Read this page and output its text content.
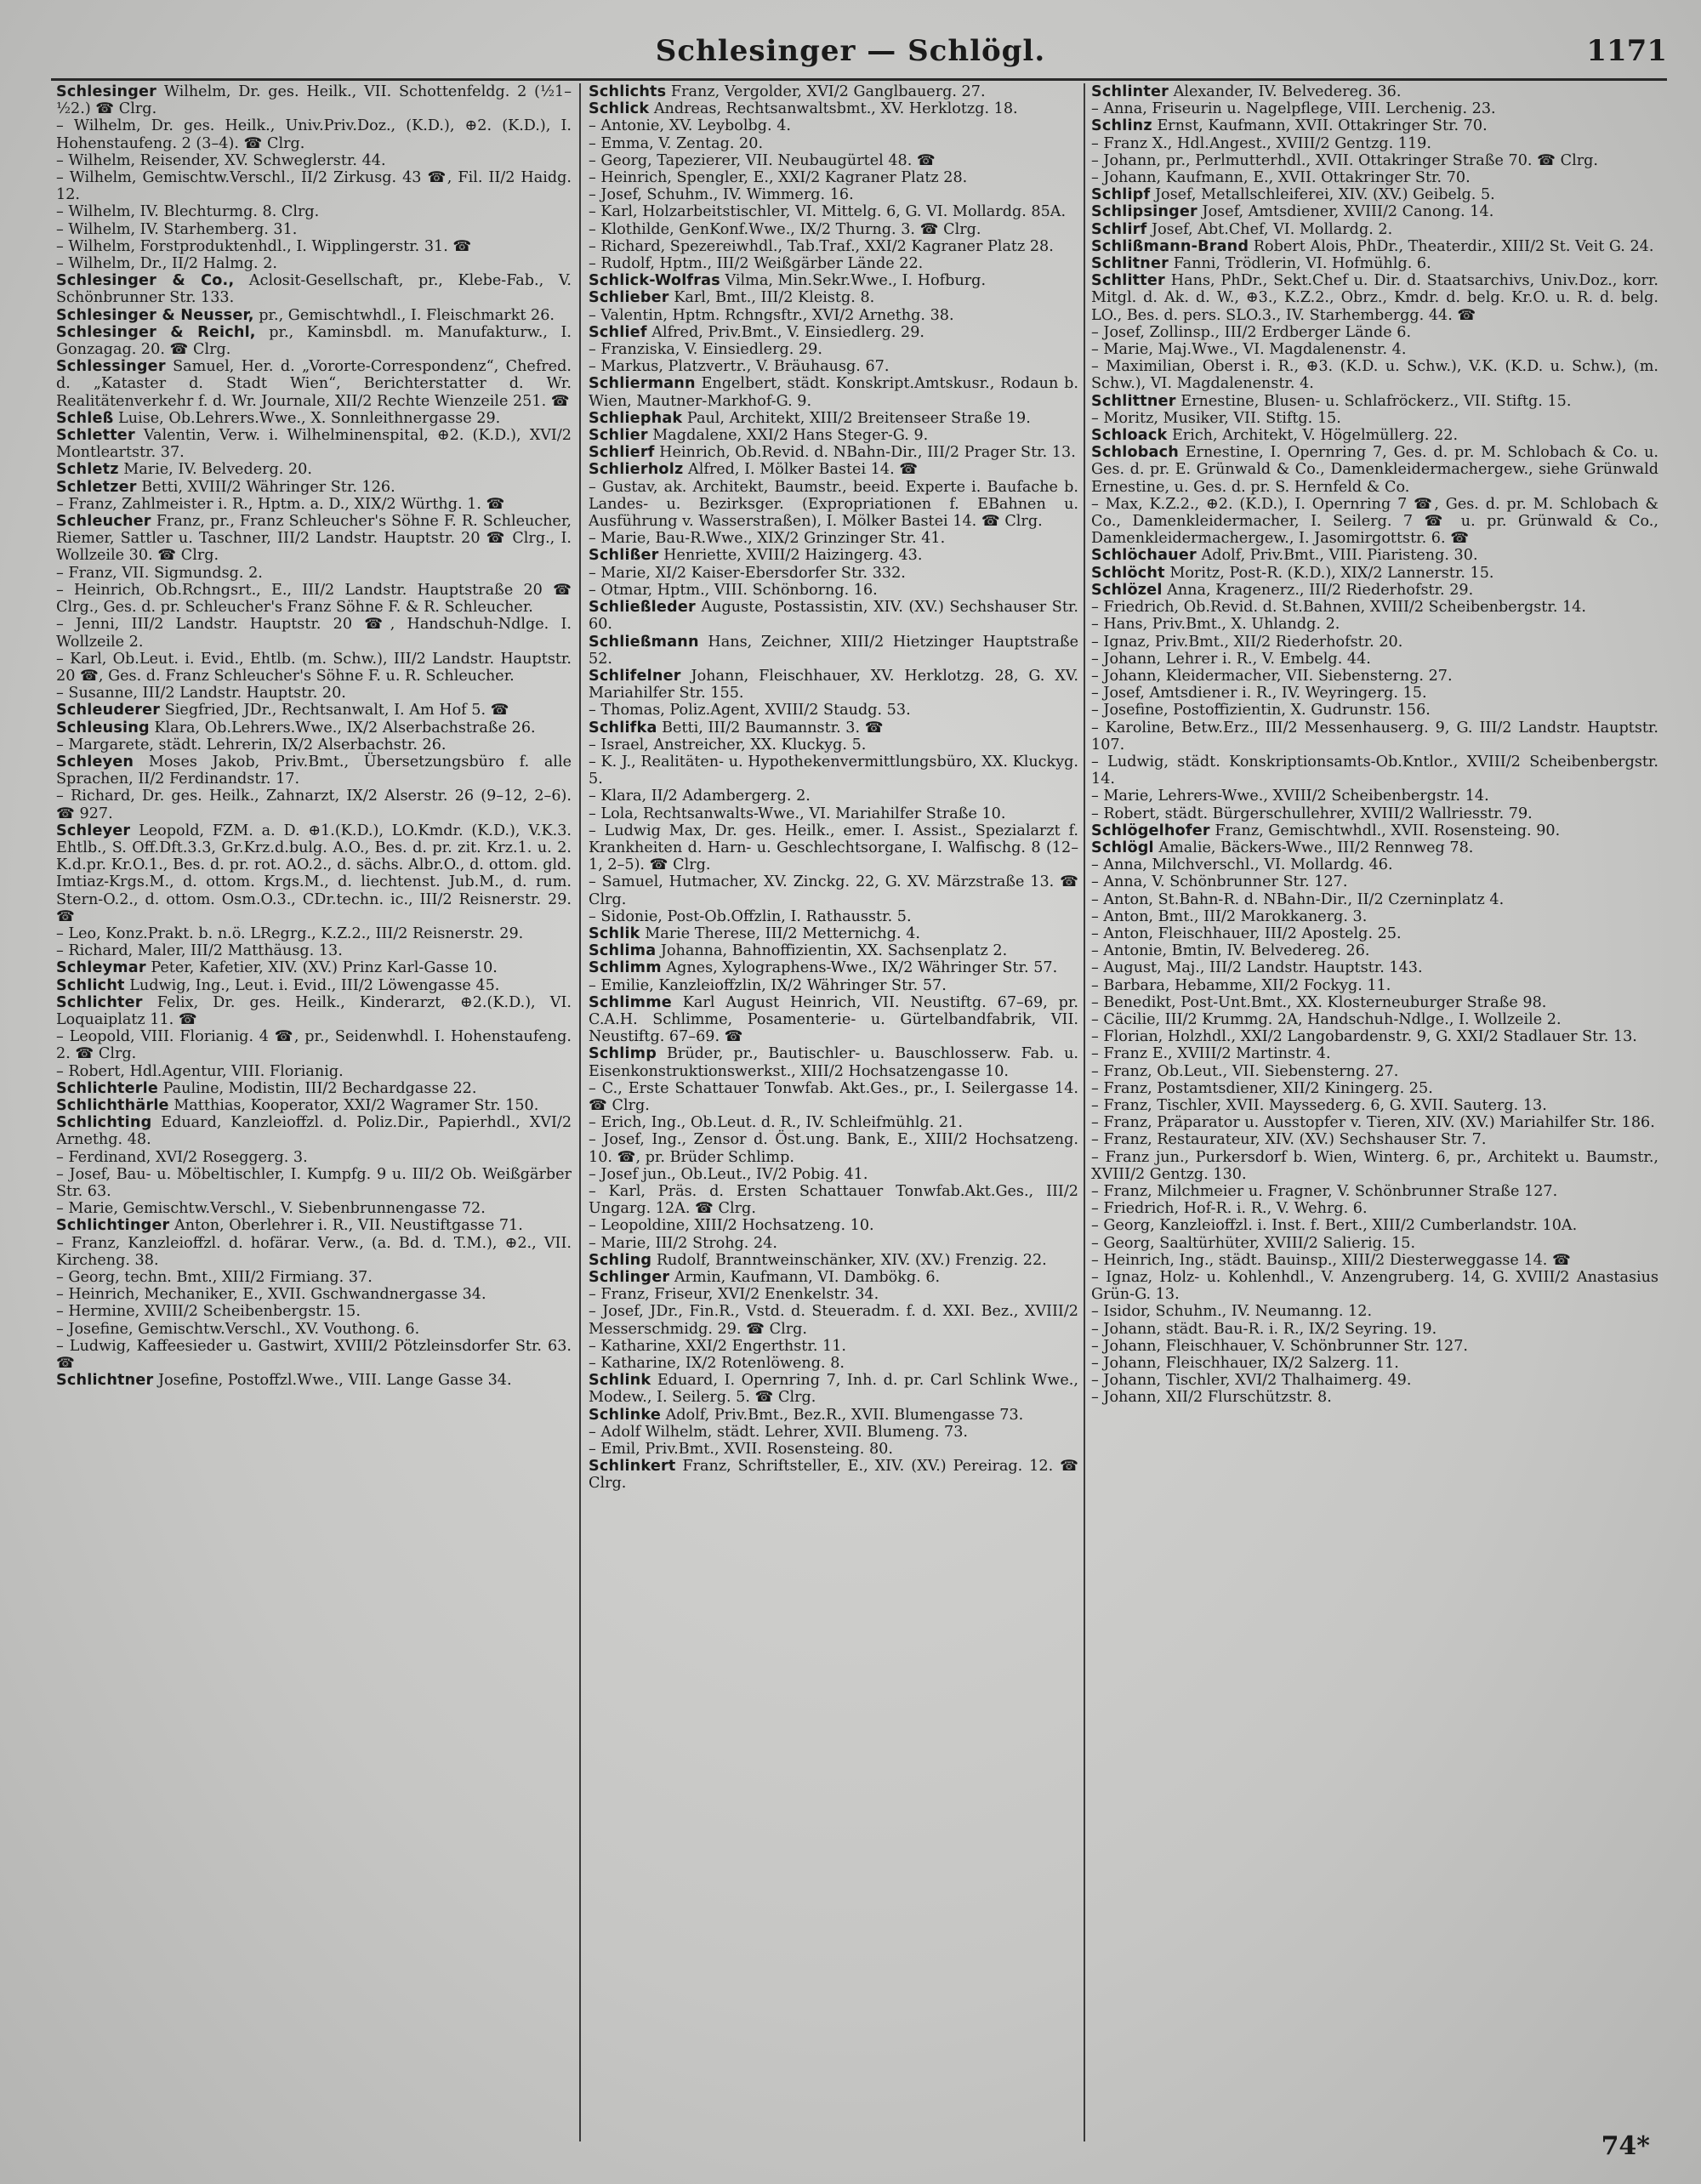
Schlesinger — Schlögl.	1171

Schlesinger Wilhelm, Dr. ges. Heilk., VII. Schottenfeldg. 2 (½1–½2.) ☎ Clrg.

– Wilhelm, Dr. ges. Heilk., Univ.Priv.Doz., (K.D.), ⊕2. (K.D.), I. Hohenstaufeng. 2 (3–4). ☎ Clrg.

– Wilhelm, Reisender, XV. Schweglerstr. 44.

– Wilhelm, Gemischtw.Verschl., II/2 Zirkusg. 43 ☎, Fil. II/2 Haidg. 12.

– Wilhelm, IV. Blechturmg. 8. Clrg.

– Wilhelm, IV. Starhemberg. 31.

– Wilhelm, Forstproduktenhdl., I. Wipplingerstr. 31. ☎

– Wilhelm, Dr., II/2 Halmg. 2.

Schlesinger & Co., Aclosit-Gesellschaft, pr., Klebe-Fab., V. Schönbrunner Str. 133.

Schlesinger & Neusser, pr., Gemischtwhdl., I. Fleischmarkt 26.

Schlesinger & Reichl, pr., Kaminsbdl. m. Manufakturw., I. Gonzagag. 20. ☎ Clrg.

Schlessinger Samuel, Her. d. „Vororte-Correspondenz“, Chefred. d. „Kataster d. Stadt Wien“, Berichterstatter d. Wr. Realitätenverkehr f. d. Wr. Journale, XII/2 Rechte Wienzeile 251. ☎

Schleß Luise, Ob.Lehrers.Wwe., X. Sonnleithnergasse 29.

Schletter Valentin, Verw. i. Wilhelminenspital, ⊕2. (K.D.), XVI/2 Montleartstr. 37.

Schletz Marie, IV. Belvederg. 20.

Schletzer Betti, XVIII/2 Währinger Str. 126.

– Franz, Zahlmeister i. R., Hptm. a. D., XIX/2 Würthg. 1. ☎

Schleucher Franz, pr., Franz Schleucher's Söhne F. R. Schleucher, Riemer, Sattler u. Taschner, III/2 Landstr. Hauptstr. 20 ☎ Clrg., I. Wollzeile 30. ☎ Clrg.

– Franz, VII. Sigmundsg. 2.

– Heinrich, Ob.Rchngsrt., E., III/2 Landstr. Hauptstraße 20 ☎ Clrg., Ges. d. pr. Schleucher's Franz Söhne F. & R. Schleucher.

– Jenni, III/2 Landstr. Hauptstr. 20 ☎, Handschuh-Ndlge. I. Wollzeile 2.

– Karl, Ob.Leut. i. Evid., Ehtlb. (m. Schw.), III/2 Landstr. Hauptstr. 20 ☎, Ges. d. Franz Schleucher's Söhne F. u. R. Schleucher.

– Susanne, III/2 Landstr. Hauptstr. 20.

Schleuderer Siegfried, JDr., Rechtsanwalt, I. Am Hof 5. ☎

Schleusing Klara, Ob.Lehrers.Wwe., IX/2 Alserbachstraße 26.

– Margarete, städt. Lehrerin, IX/2 Alserbachstr. 26.

Schleyen Moses Jakob, Priv.Bmt., Übersetzungsbüro f. alle Sprachen, II/2 Ferdinandstr. 17.

– Richard, Dr. ges. Heilk., Zahnarzt, IX/2 Alserstr. 26 (9–12, 2–6). ☎ 927.

Schleyer Leopold, FZM. a. D. ⊕1.(K.D.), LO.Kmdr. (K.D.), V.K.3. Ehtlb., S. Off.Dft.3.3, Gr.Krz.d.bulg. A.O., Bes. d. pr. zit. Krz.1. u. 2. K.d.pr. Kr.O.1., Bes. d. pr. rot. AO.2., d. sächs. Albr.O., d. ottom. gld. Imtiaz-Krgs.M., d. ottom. Krgs.M., d. liechtenst. Jub.M., d. rum. Stern-O.2., d. ottom. Osm.O.3., CDr.techn. ic., III/2 Reisnerstr. 29. ☎

– Leo, Konz.Prakt. b. n.ö. LRegrg., K.Z.2., III/2 Reisnerstr. 29.

– Richard, Maler, III/2 Matthäusg. 13.

Schleymar Peter, Kafetier, XIV. (XV.) Prinz Karl-Gasse 10.

Schlicht Ludwig, Ing., Leut. i. Evid., III/2 Löwengasse 45.

Schlichter Felix, Dr. ges. Heilk., Kinderarzt, ⊕2.(K.D.), VI. Loquaiplatz 11. ☎

– Leopold, VIII. Florianig. 4 ☎, pr., Seidenwhdl. I. Hohenstaufeng. 2. ☎ Clrg.

– Robert, Hdl.Agentur, VIII. Florianig.

Schlichterle Pauline, Modistin, III/2 Bechardgasse 22.

Schlichthärle Matthias, Kooperator, XXI/2 Wagramer Str. 150.

Schlichting Eduard, Kanzleioffzl. d. Poliz.Dir., Papierhdl., XVI/2 Arnethg. 48.

– Ferdinand, XVI/2 Roseggerg. 3.

– Josef, Bau- u. Möbeltischler, I. Kumpfg. 9 u. III/2 Ob. Weißgärber Str. 63.

– Marie, Gemischtw.Verschl., V. Siebenbrunnengasse 72.

Schlichtinger Anton, Oberlehrer i. R., VII. Neustiftgasse 71.

– Franz, Kanzleioffzl. d. hofärar. Verw., (a. Bd. d. T.M.), ⊕2., VII. Kircheng. 38.

– Georg, techn. Bmt., XIII/2 Firmiang. 37.

– Heinrich, Mechaniker, E., XVII. Gschwandnergasse 34.

– Hermine, XVIII/2 Scheibenbergstr. 15.

– Josefine, Gemischtw.Verschl., XV. Vouthong. 6.

– Ludwig, Kaffeesieder u. Gastwirt, XVIII/2 Pötzleinsdorfer Str. 63. ☎

Schlichtner Josefine, Postoffzl.Wwe., VIII. Lange Gasse 34.

Schlichts Franz, Vergolder, XVI/2 Ganglbauerg. 27.

Schlick Andreas, Rechtsanwaltsbmt., XV. Herklotzg. 18.

– Antonie, XV. Leybolbg. 4.

– Emma, V. Zentag. 20.

– Georg, Tapezierer, VII. Neubaugürtel 48. ☎

– Heinrich, Spengler, E., XXI/2 Kagraner Platz 28.

– Josef, Schuhm., IV. Wimmerg. 16.

– Karl, Holzarbeitstischler, VI. Mittelg. 6, G. VI. Mollardg. 85A.

– Klothilde, GenKonf.Wwe., IX/2 Thurng. 3. ☎ Clrg.

– Richard, Spezereiwhdl., Tab.Traf., XXI/2 Kagraner Platz 28.

– Rudolf, Hptm., III/2 Weißgärber Lände 22.

Schlick-Wolfras Vilma, Min.Sekr.Wwe., I. Hofburg.

Schlieber Karl, Bmt., III/2 Kleistg. 8.

– Valentin, Hptm. Rchngsftr., XVI/2 Arnethg. 38.

Schlief Alfred, Priv.Bmt., V. Einsiedlerg. 29.

– Franziska, V. Einsiedlerg. 29.

– Markus, Platzvertr., V. Bräuhausg. 67.

Schliermann Engelbert, städt. Konskript.Amtskusr., Rodaun b. Wien, Mautner-Markhof-G. 9.

Schliephak Paul, Architekt, XIII/2 Breitenseer Straße 19.

Schlier Magdalene, XXI/2 Hans Steger-G. 9.

Schlierf Heinrich, Ob.Revid. d. NBahn-Dir., III/2 Prager Str. 13.

Schlierholz Alfred, I. Mölker Bastei 14. ☎

– Gustav, ak. Architekt, Baumstr., beeid. Experte i. Baufache b. Landes- u. Bezirksger. (Expropriationen f. EBahnen u. Ausführung v. Wasserstraßen), I. Mölker Bastei 14. ☎ Clrg.

– Marie, Bau-R.Wwe., XIX/2 Grinzinger Str. 41.

Schlißer Henriette, XVIII/2 Haizingerg. 43.

– Marie, XI/2 Kaiser-Ebersdorfer Str. 332.

– Otmar, Hptm., VIII. Schönborng. 16.

Schließleder Auguste, Postassistin, XIV. (XV.) Sechshauser Str. 60.

Schließmann Hans, Zeichner, XIII/2 Hietzinger Hauptstraße 52.

Schlifelner Johann, Fleischhauer, XV. Herklotzg. 28, G. XV. Mariahilfer Str. 155.

– Thomas, Poliz.Agent, XVIII/2 Staudg. 53.

Schlifka Betti, III/2 Baumannstr. 3. ☎

– Israel, Anstreicher, XX. Kluckyg. 5.

– K. J., Realitäten- u. Hypothekenvermittlungsbüro, XX. Kluckyg. 5.

– Klara, II/2 Adambergerg. 2.

– Lola, Rechtsanwalts-Wwe., VI. Mariahilfer Straße 10.

– Ludwig Max, Dr. ges. Heilk., emer. I. Assist., Spezialarzt f. Krankheiten d. Harn- u. Geschlechtsorgane, I. Walfischg. 8 (12–1, 2–5). ☎ Clrg.

– Samuel, Hutmacher, XV. Zinckg. 22, G. XV. Märzstraße 13. ☎ Clrg.

– Sidonie, Post-Ob.Offzlin, I. Rathausstr. 5.

Schlik Marie Therese, III/2 Metternichg. 4.

Schlima Johanna, Bahnoffizientin, XX. Sachsenplatz 2.

Schlimm Agnes, Xylographens-Wwe., IX/2 Währinger Str. 57.

– Emilie, Kanzleioffzlin, IX/2 Währinger Str. 57.

Schlimme Karl August Heinrich, VII. Neustiftg. 67–69, pr. C.A.H. Schlimme, Posamenterie- u. Gürtelbandfabrik, VII. Neustiftg. 67–69. ☎

Schlimp Brüder, pr., Bautischler- u. Bauschlosserw. Fab. u. Eisenkonstruktionswerkst., XIII/2 Hochsatzengasse 10.

– C., Erste Schattauer Tonwfab. Akt.Ges., pr., I. Seilergasse 14. ☎ Clrg.

– Erich, Ing., Ob.Leut. d. R., IV. Schleifmühlg. 21.

– Josef, Ing., Zensor d. Öst.ung. Bank, E., XIII/2 Hochsatzeng. 10. ☎, pr. Brüder Schlimp.

– Josef jun., Ob.Leut., IV/2 Pobig. 41.

– Karl, Präs. d. Ersten Schattauer Tonwfab.Akt.Ges., III/2 Ungarg. 12A. ☎ Clrg.

– Leopoldine, XIII/2 Hochsatzeng. 10.

– Marie, III/2 Strohg. 24.

Schling Rudolf, Branntweinschänker, XIV. (XV.) Frenzig. 22.

Schlinger Armin, Kaufmann, VI. Dambökg. 6.

– Franz, Friseur, XVI/2 Enenkelstr. 34.

– Josef, JDr., Fin.R., Vstd. d. Steueradm. f. d. XXI. Bez., XVIII/2 Messerschmidg. 29. ☎ Clrg.

– Katharine, XXI/2 Engerthstr. 11.

– Katharine, IX/2 Rotenlöweng. 8.

Schlink Eduard, I. Opernring 7, Inh. d. pr. Carl Schlink Wwe., Modew., I. Seilerg. 5. ☎ Clrg.

Schlinke Adolf, Priv.Bmt., Bez.R., XVII. Blumengasse 73.

– Adolf Wilhelm, städt. Lehrer, XVII. Blumeng. 73.

– Emil, Priv.Bmt., XVII. Rosensteing. 80.

Schlinkert Franz, Schriftsteller, E., XIV. (XV.) Pereirag. 12. ☎ Clrg.

Schlinter Alexander, IV. Belvedereg. 36.

– Anna, Friseurin u. Nagelpflege, VIII. Lerchenig. 23.

Schlinz Ernst, Kaufmann, XVII. Ottakringer Str. 70.

– Franz X., Hdl.Angest., XVIII/2 Gentzg. 119.

– Johann, pr., Perlmutterhdl., XVII. Ottakringer Straße 70. ☎ Clrg.

– Johann, Kaufmann, E., XVII. Ottakringer Str. 70.

Schlipf Josef, Metallschleiferei, XIV. (XV.) Geibelg. 5.

Schlipsinger Josef, Amtsdiener, XVIII/2 Canong. 14.

Schlirf Josef, Abt.Chef, VI. Mollardg. 2.

Schlißmann-Brand Robert Alois, PhDr., Theaterdir., XIII/2 St. Veit G. 24.

Schlitner Fanni, Trödlerin, VI. Hofmühlg. 6.

Schlitter Hans, PhDr., Sekt.Chef u. Dir. d. Staatsarchivs, Univ.Doz., korr. Mitgl. d. Ak. d. W., ⊕3., K.Z.2., Obrz., Kmdr. d. belg. Kr.O. u. R. d. belg. LO., Bes. d. pers. SLO.3., IV. Starhembergg. 44. ☎

– Josef, Zollinsp., III/2 Erdberger Lände 6.

– Marie, Maj.Wwe., VI. Magdalenenstr. 4.

– Maximilian, Oberst i. R., ⊕3. (K.D. u. Schw.), V.K. (K.D. u. Schw.), (m. Schw.), VI. Magdalenenstr. 4.

Schlittner Ernestine, Blusen- u. Schlafröckerz., VII. Stiftg. 15.

– Moritz, Musiker, VII. Stiftg. 15.

Schloack Erich, Architekt, V. Högelmüllerg. 22.

Schlobach Ernestine, I. Opernring 7, Ges. d. pr. M. Schlobach & Co. u. Ges. d. pr. E. Grünwald & Co., Damenkleidermachergew., siehe Grünwald Ernestine, u. Ges. d. pr. S. Hernfeld & Co.

– Max, K.Z.2., ⊕2. (K.D.), I. Opernring 7 ☎, Ges. d. pr. M. Schlobach & Co., Damenkleidermacher, I. Seilerg. 7 ☎ u. pr. Grünwald & Co., Damenkleidermachergew., I. Jasomirgottstr. 6. ☎

Schlöchauer Adolf, Priv.Bmt., VIII. Piaristeng. 30.

Schlöcht Moritz, Post-R. (K.D.), XIX/2 Lannerstr. 15.

Schlözel Anna, Kragenerz., III/2 Riederhofstr. 29.

– Friedrich, Ob.Revid. d. St.Bahnen, XVIII/2 Scheibenbergstr. 14.

– Hans, Priv.Bmt., X. Uhlandg. 2.

– Ignaz, Priv.Bmt., XII/2 Riederhofstr. 20.

– Johann, Lehrer i. R., V. Embelg. 44.

– Johann, Kleidermacher, VII. Siebensterng. 27.

– Josef, Amtsdiener i. R., IV. Weyringerg. 15.

– Josefine, Postoffizientin, X. Gudrunstr. 156.

– Karoline, Betw.Erz., III/2 Messenhauserg. 9, G. III/2 Landstr. Hauptstr. 107.

– Ludwig, städt. Konskriptionsamts-Ob.Kntlor., XVIII/2 Scheibenbergstr. 14.

– Marie, Lehrers-Wwe., XVIII/2 Scheibenbergstr. 14.

– Robert, städt. Bürgerschullehrer, XVIII/2 Wallriesstr. 79.

Schlögelhofer Franz, Gemischtwhdl., XVII. Rosensteing. 90.

Schlögl Amalie, Bäckers-Wwe., III/2 Rennweg 78.

– Anna, Milchverschl., VI. Mollardg. 46.

– Anna, V. Schönbrunner Str. 127.

– Anton, St.Bahn-R. d. NBahn-Dir., II/2 Czerninplatz 4.

– Anton, Bmt., III/2 Marokkanerg. 3.

– Anton, Fleischhauer, III/2 Apostelg. 25.

– Antonie, Bmtin, IV. Belvedereg. 26.

– August, Maj., III/2 Landstr. Hauptstr. 143.

– Barbara, Hebamme, XII/2 Fockyg. 11.

– Benedikt, Post-Unt.Bmt., XX. Klosterneuburger Straße 98.

– Cäcilie, III/2 Krummg. 2A, Handschuh-Ndlge., I. Wollzeile 2.

– Florian, Holzhdl., XXI/2 Langobardenstr. 9, G. XXI/2 Stadlauer Str. 13.

– Franz E., XVIII/2 Martinstr. 4.

– Franz, Ob.Leut., VII. Siebensterng. 27.

– Franz, Postamtsdiener, XII/2 Kiningerg. 25.

– Franz, Tischler, XVII. Mayssederg. 6, G. XVII. Sauterg. 13.

– Franz, Präparator u. Ausstopfer v. Tieren, XIV. (XV.) Mariahilfer Str. 186.

– Franz, Restaurateur, XIV. (XV.) Sechshauser Str. 7.

– Franz jun., Purkersdorf b. Wien, Winterg. 6, pr., Architekt u. Baumstr., XVIII/2 Gentzg. 130.

– Franz, Milchmeier u. Fragner, V. Schönbrunner Straße 127.

– Friedrich, Hof-R. i. R., V. Wehrg. 6.

– Georg, Kanzleioffzl. i. Inst. f. Bert., XIII/2 Cumberlandstr. 10A.

– Georg, Saaltürhüter, XVIII/2 Salierig. 15.

– Heinrich, Ing., städt. Bauinsp., XIII/2 Diesterweggasse 14. ☎

– Ignaz, Holz- u. Kohlenhdl., V. Anzengruberg. 14, G. XVIII/2 Anastasius Grün-G. 13.

– Isidor, Schuhm., IV. Neumanng. 12.

– Johann, städt. Bau-R. i. R., IX/2 Seyring. 19.

– Johann, Fleischhauer, V. Schönbrunner Str. 127.

– Johann, Fleischhauer, IX/2 Salzerg. 11.

– Johann, Tischler, XVI/2 Thalhaimerg. 49.

– Johann, XII/2 Flurschützstr. 8.

74*
